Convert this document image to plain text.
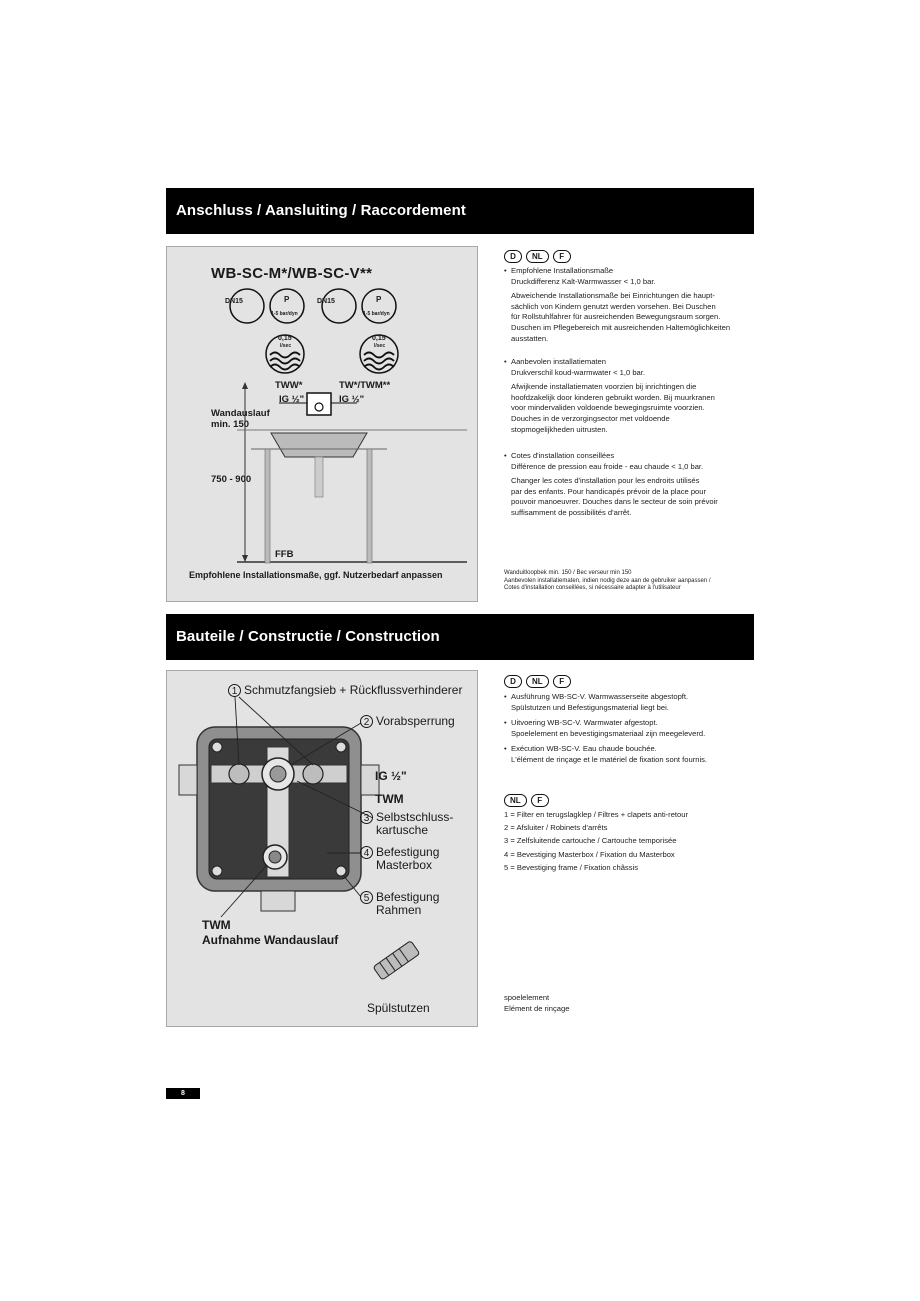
Anschluss / Aansluiting / Raccordement
WB-SC-M*/WB-SC-V**
DN15	DN15
P	P
1-5 bar/dyn	1-5 bar/dyn
0,15	0,15
l/sec	l/sec
TWW*	TW*/TWM**
IG ½"	IG ½"
Wandauslauf
min. 150
750 - 900
FFB
Empfohlene Installationsmaße, ggf. Nutzerbedarf anpassen
D NL F
• Empfohlene Installationsmaße
Druckdifferenz Kalt-Warmwasser < 1,0 bar.
Abweichende Installationsmaße bei Einrichtungen die haupt-
sächlich von Kindern genutzt werden vorsehen. Bei Duschen
für Rollstuhlfahrer für ausreichenden Bewegungsraum sorgen.
Duschen im Pflegebereich mit ausreichenden Haltemöglichkeiten
ausstatten.
• Aanbevolen installatiematen
Drukverschil koud-warmwater < 1,0 bar.
Afwijkende installatiematen voorzien bij inrichtingen die
hoofdzakelijk door kinderen gebruikt worden. Bij muurkranen
voor mindervaliden voldoende bewegingsruimte voorzien.
Douches in de verzorgingsector met voldoende
stopmogelijkheden uitrusten.
• Cotes d'installation conseillées
Différence de pression eau froide - eau chaude < 1,0 bar.
Changer les cotes d'installation pour les endroits utilisés
par des enfants. Pour handicapés prévoir de la place pour
pouvoir manoeuvrer. Douches dans le secteur de soin prévoir
suffisamment de possibilités d'arrêt.
Wanduitloopbek min. 150 / Bec verseur min 150
Aanbevolen installatiematen, indien nodig deze aan de gebruiker aanpassen /
Cotes d'installation conseillées, si nécessaire adapter à l'utilisateur
Bauteile / Constructie / Construction
1 Schmutzfangsieb + Rückflussverhinderer
2 Vorabsperrung
IG ½"
TWM
3 Selbstschluss-
kartusche
4 Befestigung
Masterbox
5 Befestigung
Rahmen
TWM
Aufnahme Wandauslauf
Spülstutzen
D NL F
• Ausführung WB-SC-V. Warmwasserseite abgestopft.
Spülstutzen und Befestigungsmaterial liegt bei.
• Uitvoering WB-SC-V. Warmwater afgestopt.
Spoelelement en bevestigingsmateriaal zijn meegeleverd.
• Exécution WB-SC-V. Eau chaude bouchée.
L'élément de rinçage et le matériel de fixation sont fournis.
NL F
1 = Filter en terugslagklep / Filtres + clapets anti-retour
2 = Afsluiter / Robinets d'arrêts
3 = Zelfsluitende cartouche / Cartouche temporisée
4 = Bevestiging Masterbox / Fixation du Masterbox
5 = Bevestiging frame / Fixation châssis
spoelelement
Elément de rinçage
8
